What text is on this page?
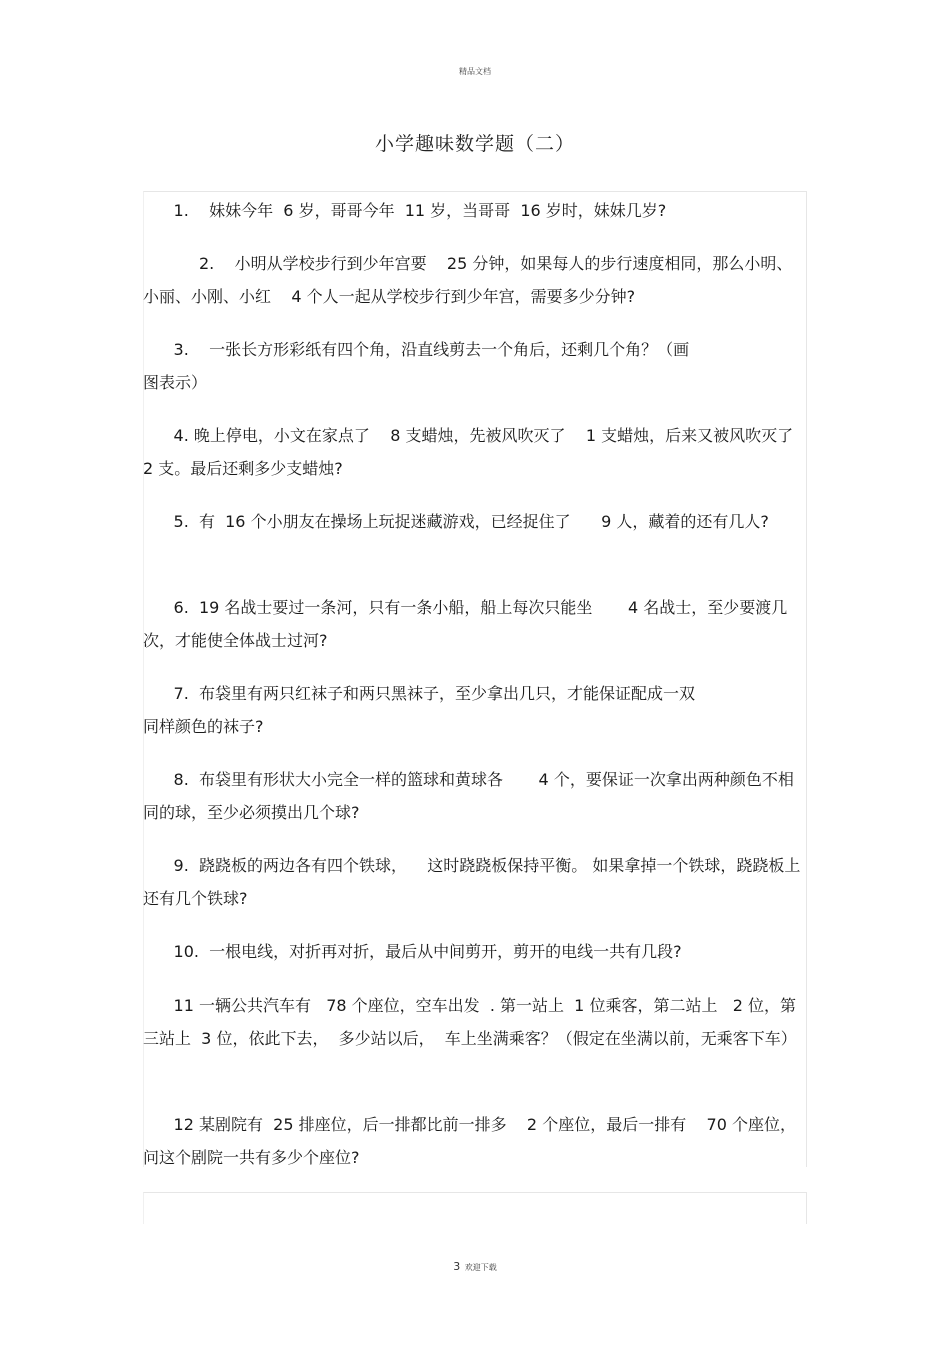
精品文档
小学趣味数学题（二）

1.    妹妹今年  6 岁，哥哥今年  11 岁，当哥哥  16 岁时，妹妹几岁?

2.    小明从学校步行到少年宫要    25 分钟，如果每人的步行速度相同，那么小明、小丽、小刚、小红    4 个人一起从学校步行到少年宫，需要多少分钟?

3.    一张长方形彩纸有四个角，沿直线剪去一个角后，还剩几个角？（画
图表示）

4. 晚上停电，小文在家点了    8 支蜡烛，先被风吹灭了    1 支蜡烛，后来又被风吹灭了  2 支。最后还剩多少支蜡烛?

5.  有  16 个小朋友在操场上玩捉迷藏游戏，已经捉住了      9 人，藏着的还有几人?

6.  19 名战士要过一条河，只有一条小船，船上每次只能坐       4 名战士，至少要渡几次，才能使全体战士过河?

7.  布袋里有两只红袜子和两只黑袜子，至少拿出几只，才能保证配成一双
同样颜色的袜子?

8.  布袋里有形状大小完全一样的篮球和黄球各       4 个，要保证一次拿出两种颜色不相同的球，至少必须摸出几个球?

9.  跷跷板的两边各有四个铁球，    这时跷跷板保持平衡。 如果拿掉一个铁球，跷跷板上还有几个铁球?

10.  一根电线，对折再对折，最后从中间剪开，剪开的电线一共有几段?

11 一辆公共汽车有   78 个座位，空车出发  . 第一站上  1 位乘客，第二站上   2 位，第三站上  3 位，依此下去，  多少站以后，  车上坐满乘客？（假定在坐满以前，无乘客下车）

12 某剧院有  25 排座位，后一排都比前一排多    2 个座位，最后一排有    70 个座位，问这个剧院一共有多少个座位?

3 欢迎下载
